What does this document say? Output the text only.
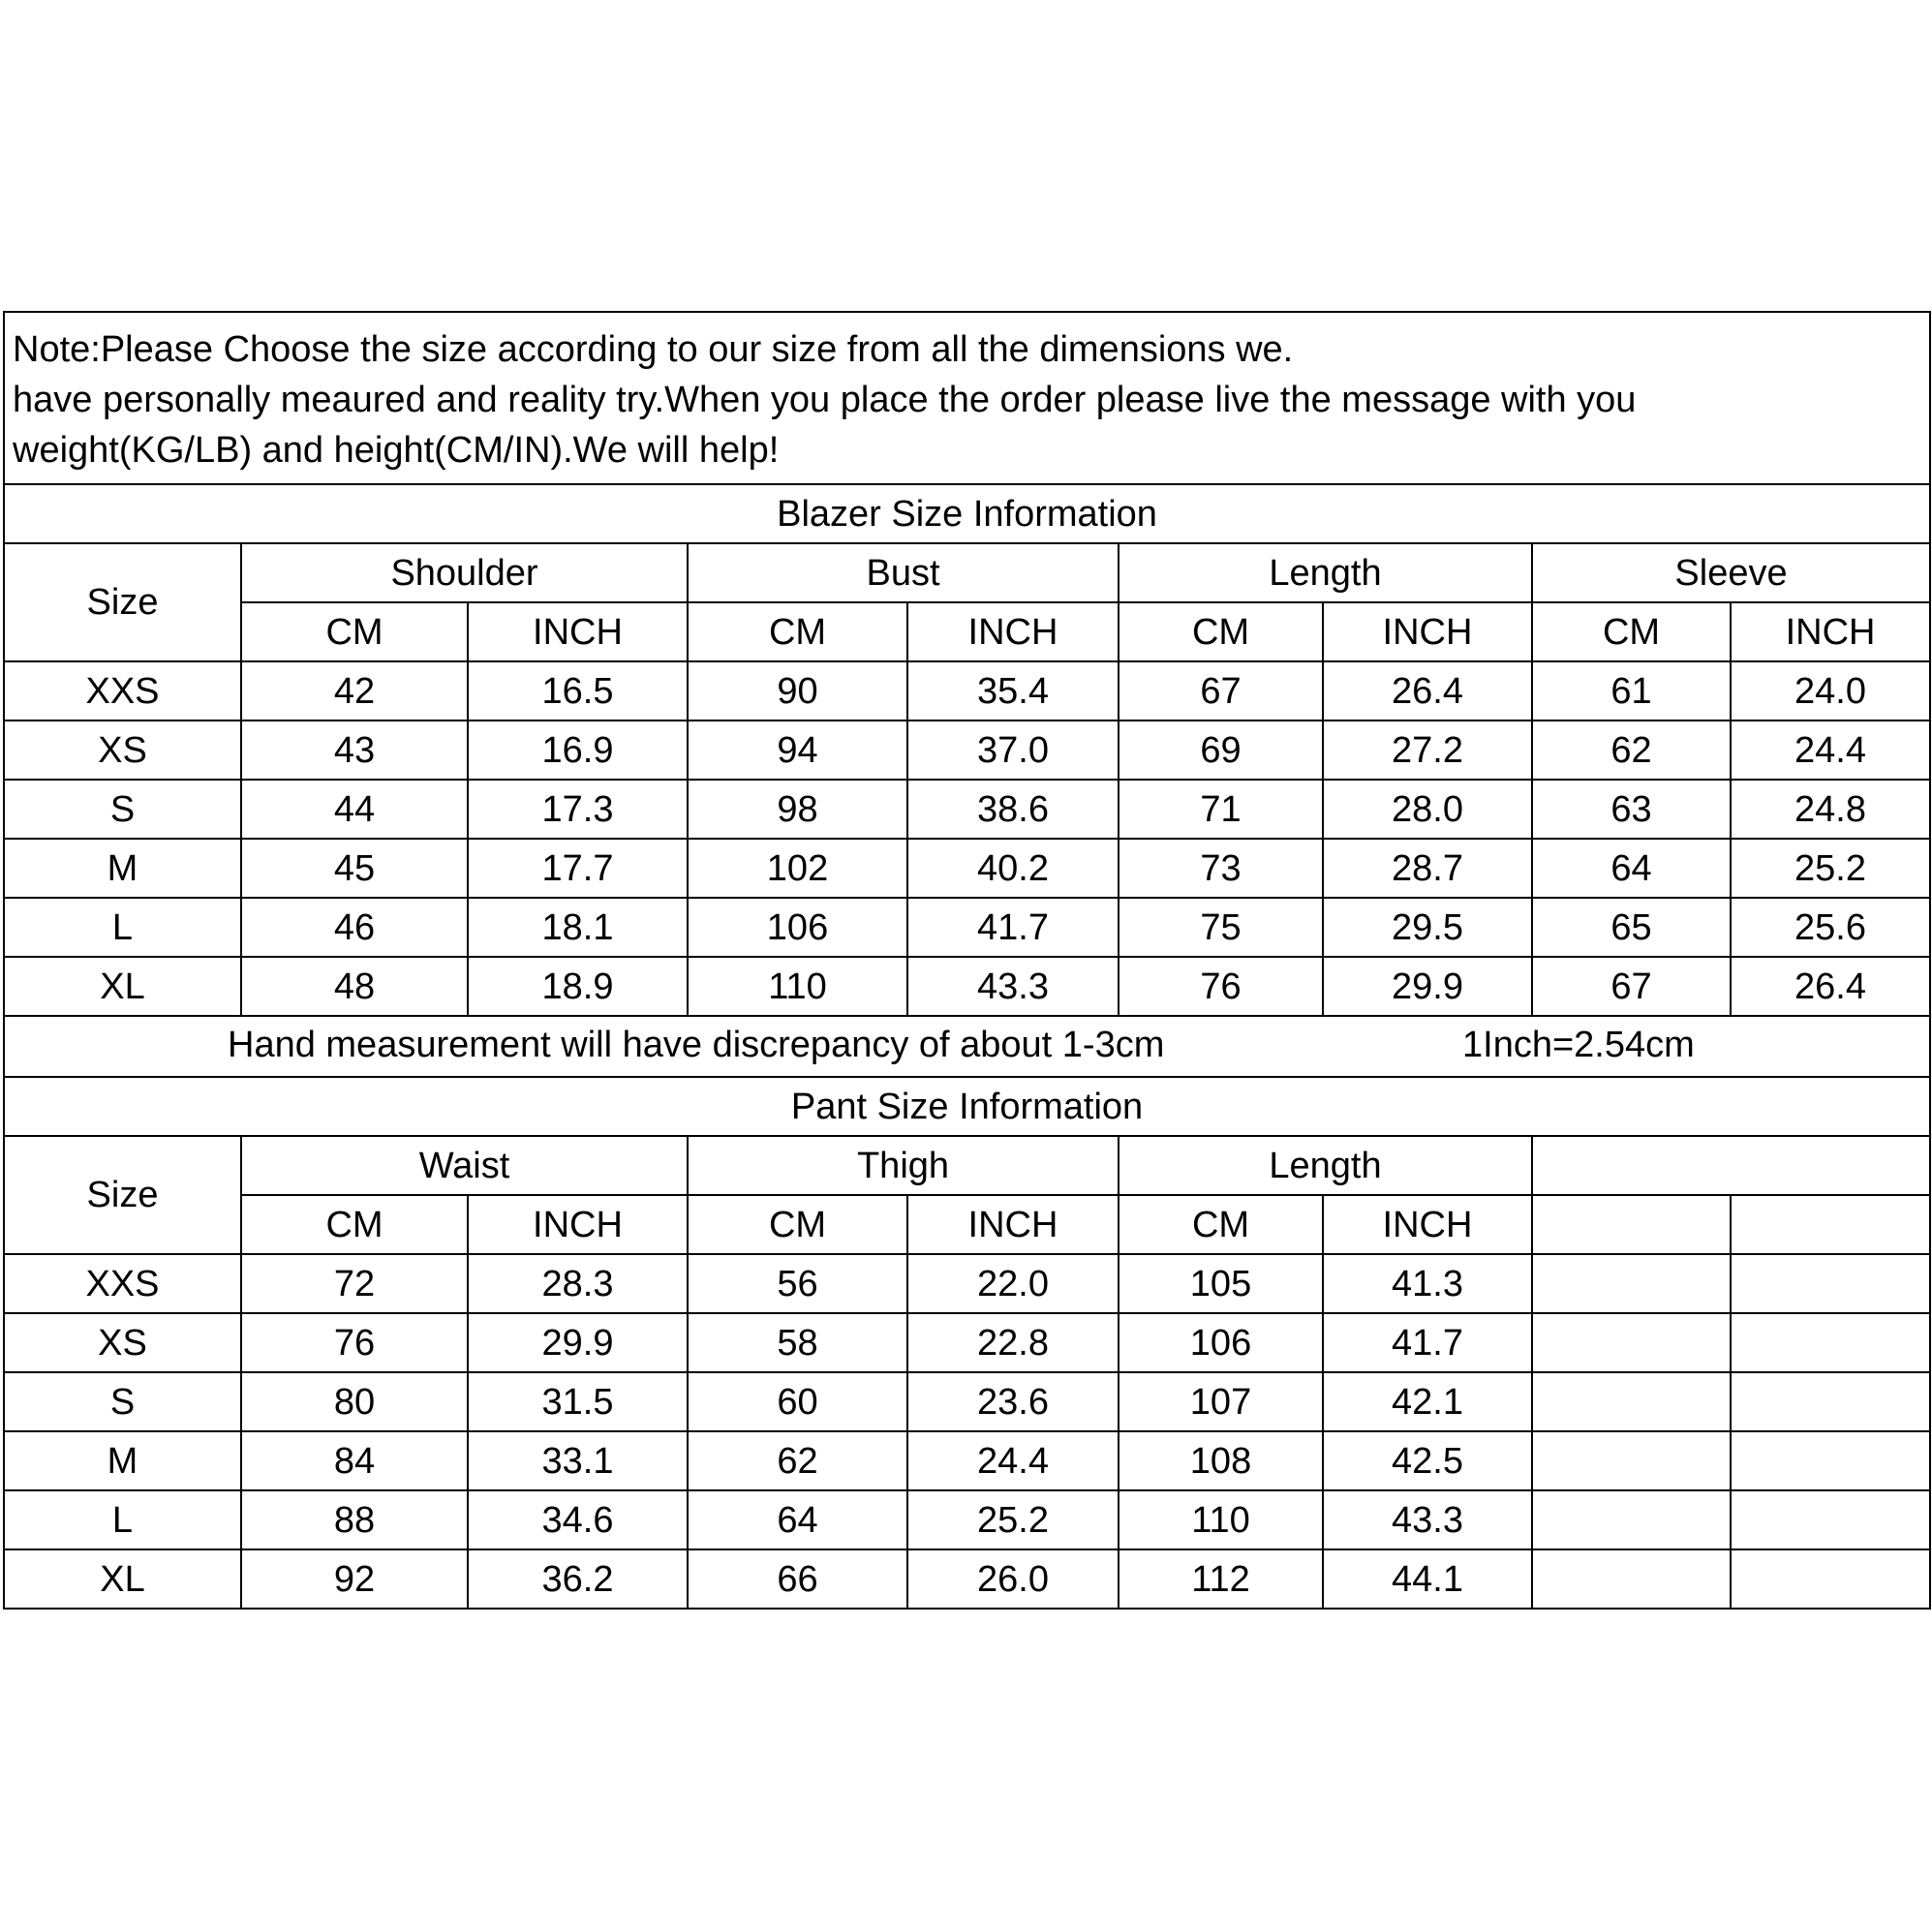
Note:Please Choose the size according to our size from all the dimensions we.
have personally meaured and reality try.When you place the order please live the message with you
weight(KG/LB) and height(CM/IN).We will help!								

Blazer Size Information								
Size	Shoulder		Bust		Length		Sleeve	
	CM	INCH	CM	INCH	CM	INCH	CM	INCH
XXS	42	16.5	90	35.4	67	26.4	61	24.0
XS	43	16.9	94	37.0	69	27.2	62	24.4
S	44	17.3	98	38.6	71	28.0	63	24.8
M	45	17.7	102	40.2	73	28.7	64	25.2
L	46	18.1	106	41.7	75	29.5	65	25.6
XL	48	18.9	110	43.3	76	29.9	67	26.4

Hand measurement will have discrepancy of about 1-3cm 1Inch=2.54cm								

Pant Size Information								
Size	Waist		Thigh		Length			
	CM	INCH	CM	INCH	CM	INCH		
XXS	72	28.3	56	22.0	105	41.3		
XS	76	29.9	58	22.8	106	41.7		
S	80	31.5	60	23.6	107	42.1		
M	84	33.1	62	24.4	108	42.5		
L	88	34.6	64	25.2	110	43.3		
XL	92	36.2	66	26.0	112	44.1		
